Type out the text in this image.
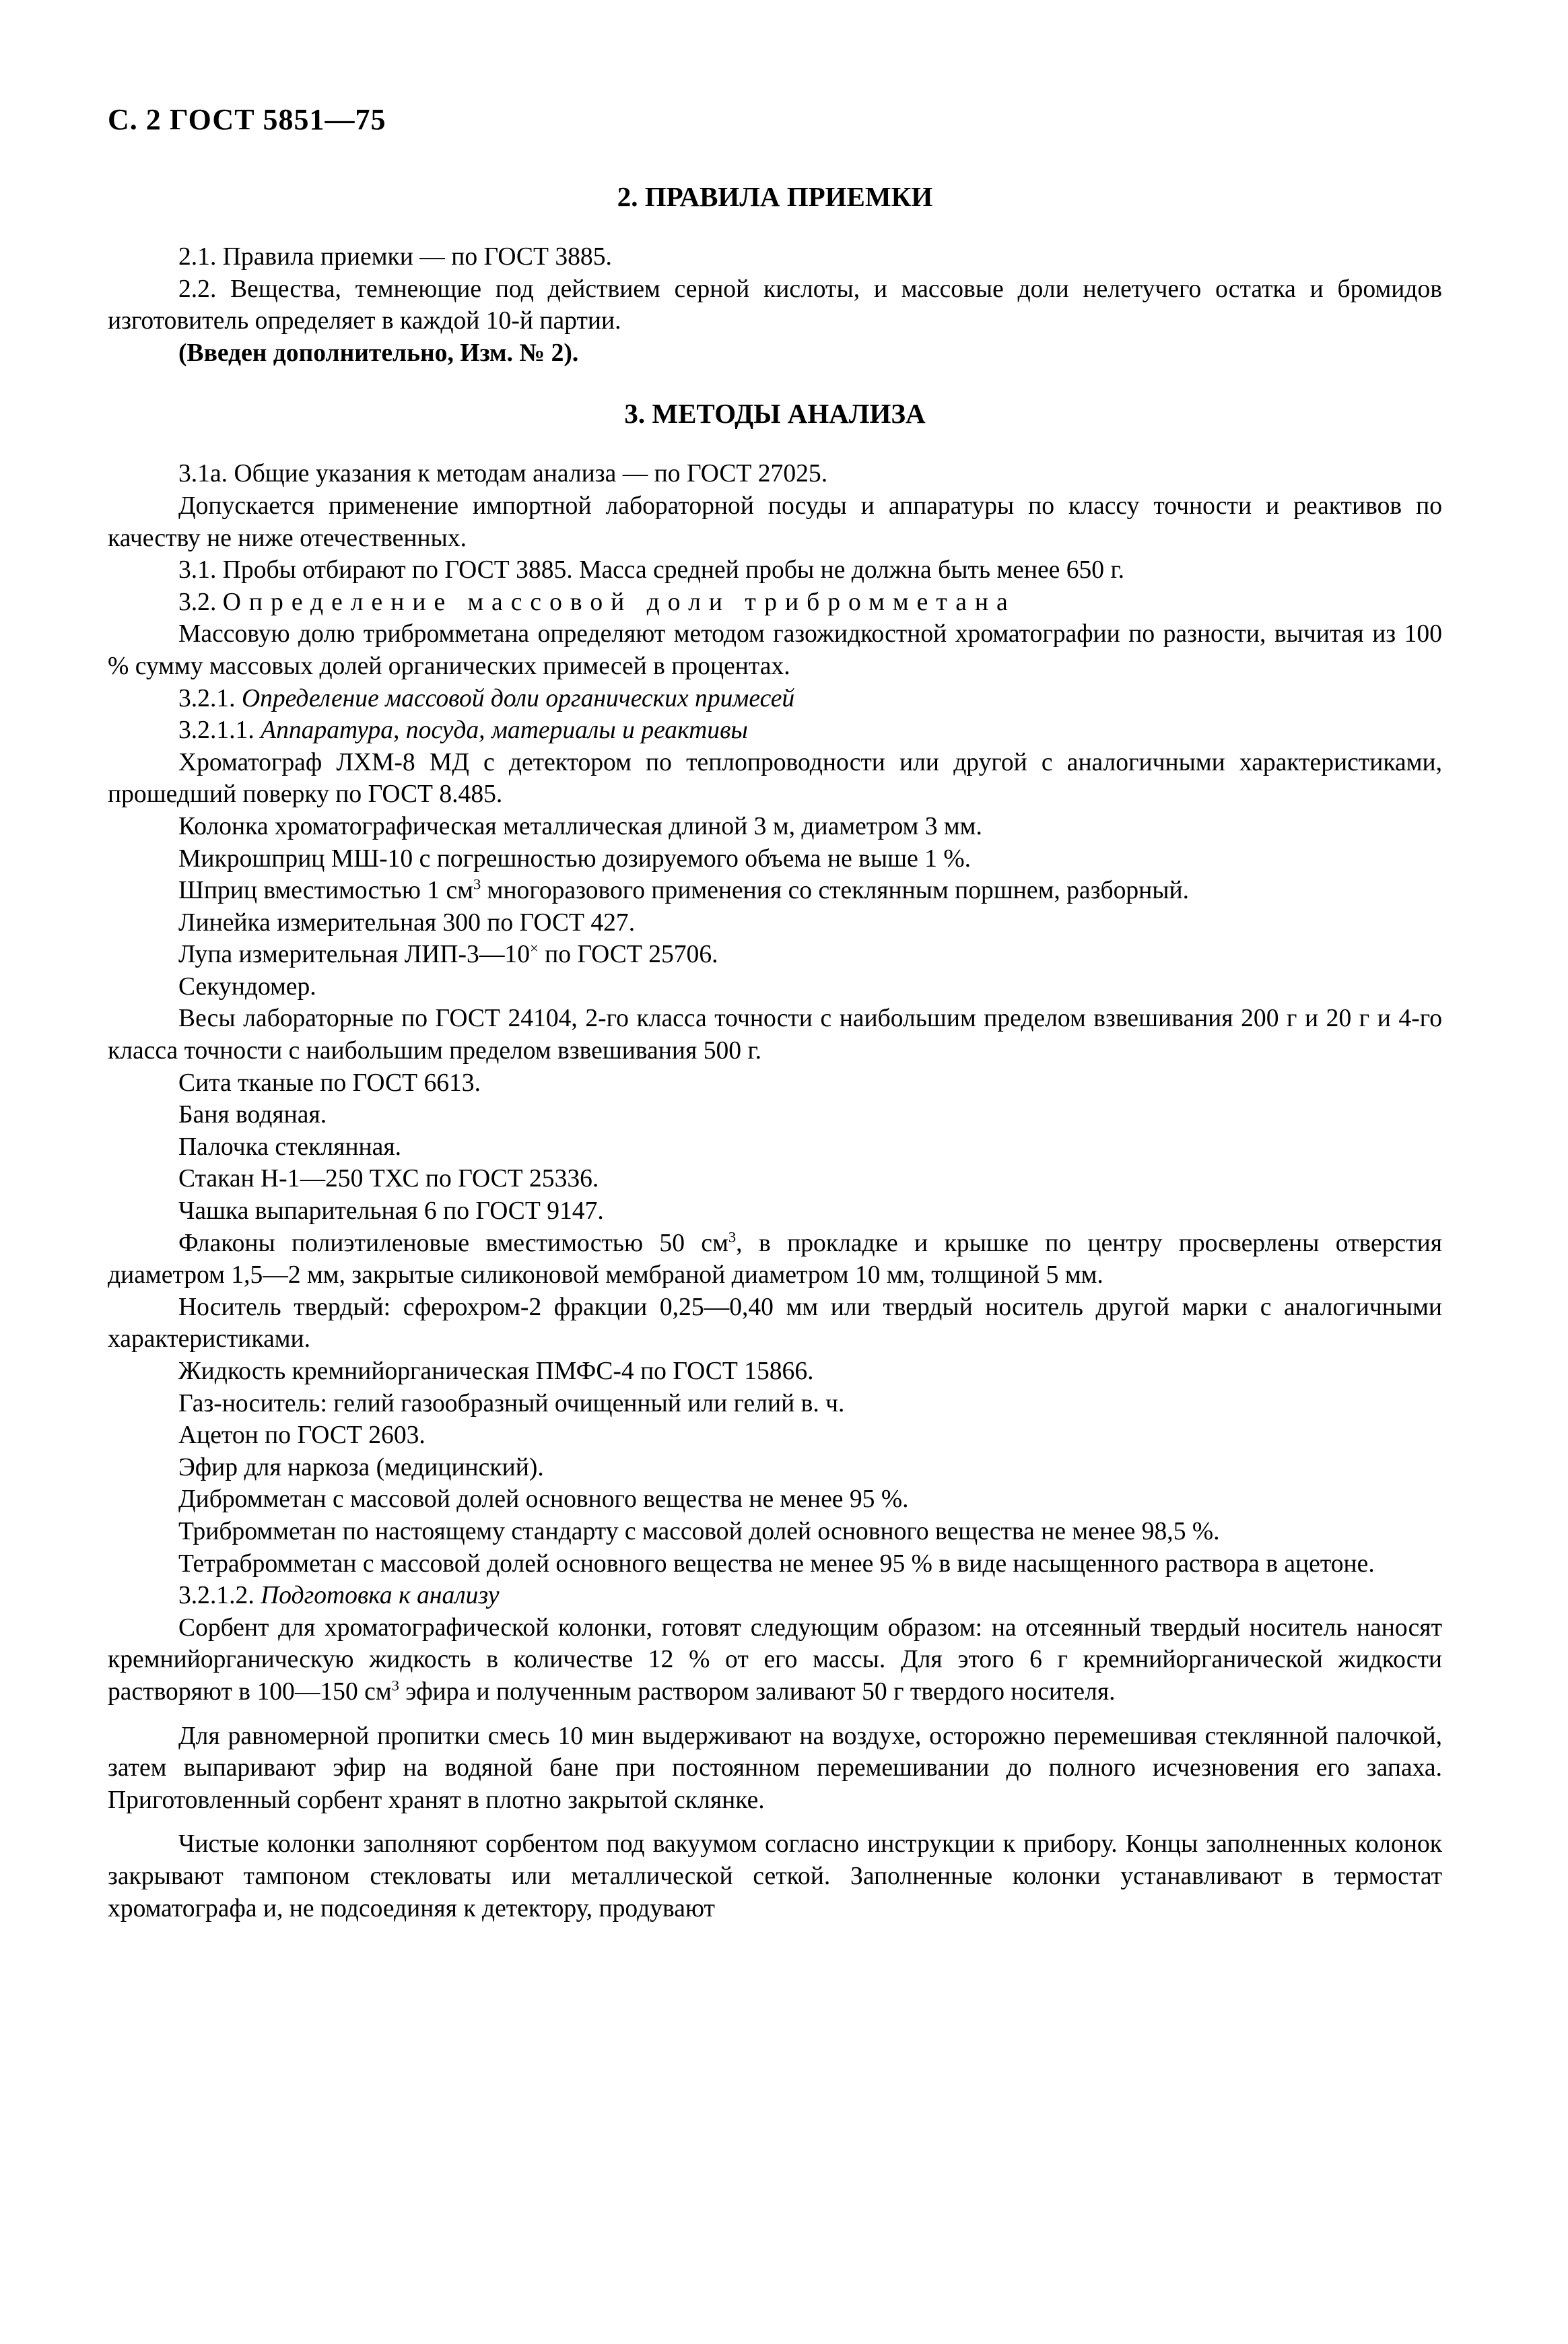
С. 2 ГОСТ 5851—75
2. ПРАВИЛА ПРИЕМКИ

2.1. Правила приемки — по ГОСТ 3885.

2.2. Вещества, темнеющие под действием серной кислоты, и массовые доли нелетучего остатка и бромидов изготовитель определяет в каждой 10-й партии.

(Введен дополнительно, Изм. № 2).

3. МЕТОДЫ АНАЛИЗА

3.1а. Общие указания к методам анализа — по ГОСТ 27025.

Допускается применение импортной лабораторной посуды и аппаратуры по классу точности и реактивов по качеству не ниже отечественных.

3.1. Пробы отбирают по ГОСТ 3885. Масса средней пробы не должна быть менее 650 г.

3.2. Определение массовой доли трибромметана

Массовую долю трибромметана определяют методом газожидкостной хроматографии по разности, вычитая из 100 % сумму массовых долей органических примесей в процентах.

3.2.1. Определение массовой доли органических примесей

3.2.1.1. Аппаратура, посуда, материалы и реактивы

Хроматограф ЛХМ-8 МД с детектором по теплопроводности или другой с аналогичными характеристиками, прошедший поверку по ГОСТ 8.485.

Колонка хроматографическая металлическая длиной 3 м, диаметром 3 мм.

Микрошприц МШ-10 с погрешностью дозируемого объема не выше 1 %.

Шприц вместимостью 1 $см^3$ многоразового применения со стеклянным поршнем, разборный.

Линейка измерительная 300 по ГОСТ 427.

Лупа измерительная ЛИП-3—10× по ГОСТ 25706.

Секундомер.

Весы лабораторные по ГОСТ 24104, 2-го класса точности с наибольшим пределом взвешивания 200 г и 20 г и 4-го класса точности с наибольшим пределом взвешивания 500 г.

Сита тканые по ГОСТ 6613.

Баня водяная.

Палочка стеклянная.

Стакан Н-1—250 ТХС по ГОСТ 25336.

Чашка выпарительная 6 по ГОСТ 9147.

Флаконы полиэтиленовые вместимостью 50 $см^3$, в прокладке и крышке по центру просверлены отверстия диаметром 1,5—2 мм, закрытые силиконовой мембраной диаметром 10 мм, толщиной 5 мм.

Носитель твердый: сферохром-2 фракции 0,25—0,40 мм или твердый носитель другой марки с аналогичными характеристиками.

Жидкость кремнийорганическая ПМФС-4 по ГОСТ 15866.

Газ-носитель: гелий газообразный очищенный или гелий в. ч.

Ацетон по ГОСТ 2603.

Эфир для наркоза (медицинский).

Дибромметан с массовой долей основного вещества не менее 95 %.

Трибромметан по настоящему стандарту с массовой долей основного вещества не менее 98,5 %.

Тетрабромметан с массовой долей основного вещества не менее 95 % в виде насыщенного раствора в ацетоне.

3.2.1.2. Подготовка к анализу

Сорбент для хроматографической колонки, готовят следующим образом: на отсеянный твердый носитель наносят кремнийорганическую жидкость в количестве 12 % от его массы. Для этого 6 г кремнийорганической жидкости растворяют в 100—150 $см^3$ эфира и полученным раствором заливают 50 г твердого носителя.

Для равномерной пропитки смесь 10 мин выдерживают на воздухе, осторожно перемешивая стеклянной палочкой, затем выпаривают эфир на водяной бане при постоянном перемешивании до полного исчезновения его запаха. Приготовленный сорбент хранят в плотно закрытой склянке.

Чистые колонки заполняют сорбентом под вакуумом согласно инструкции к прибору. Концы заполненных колонок закрывают тампоном стекловаты или металлической сеткой. Заполненные колонки устанавливают в термостат хроматографа и, не подсоединяя к детектору, продувают
